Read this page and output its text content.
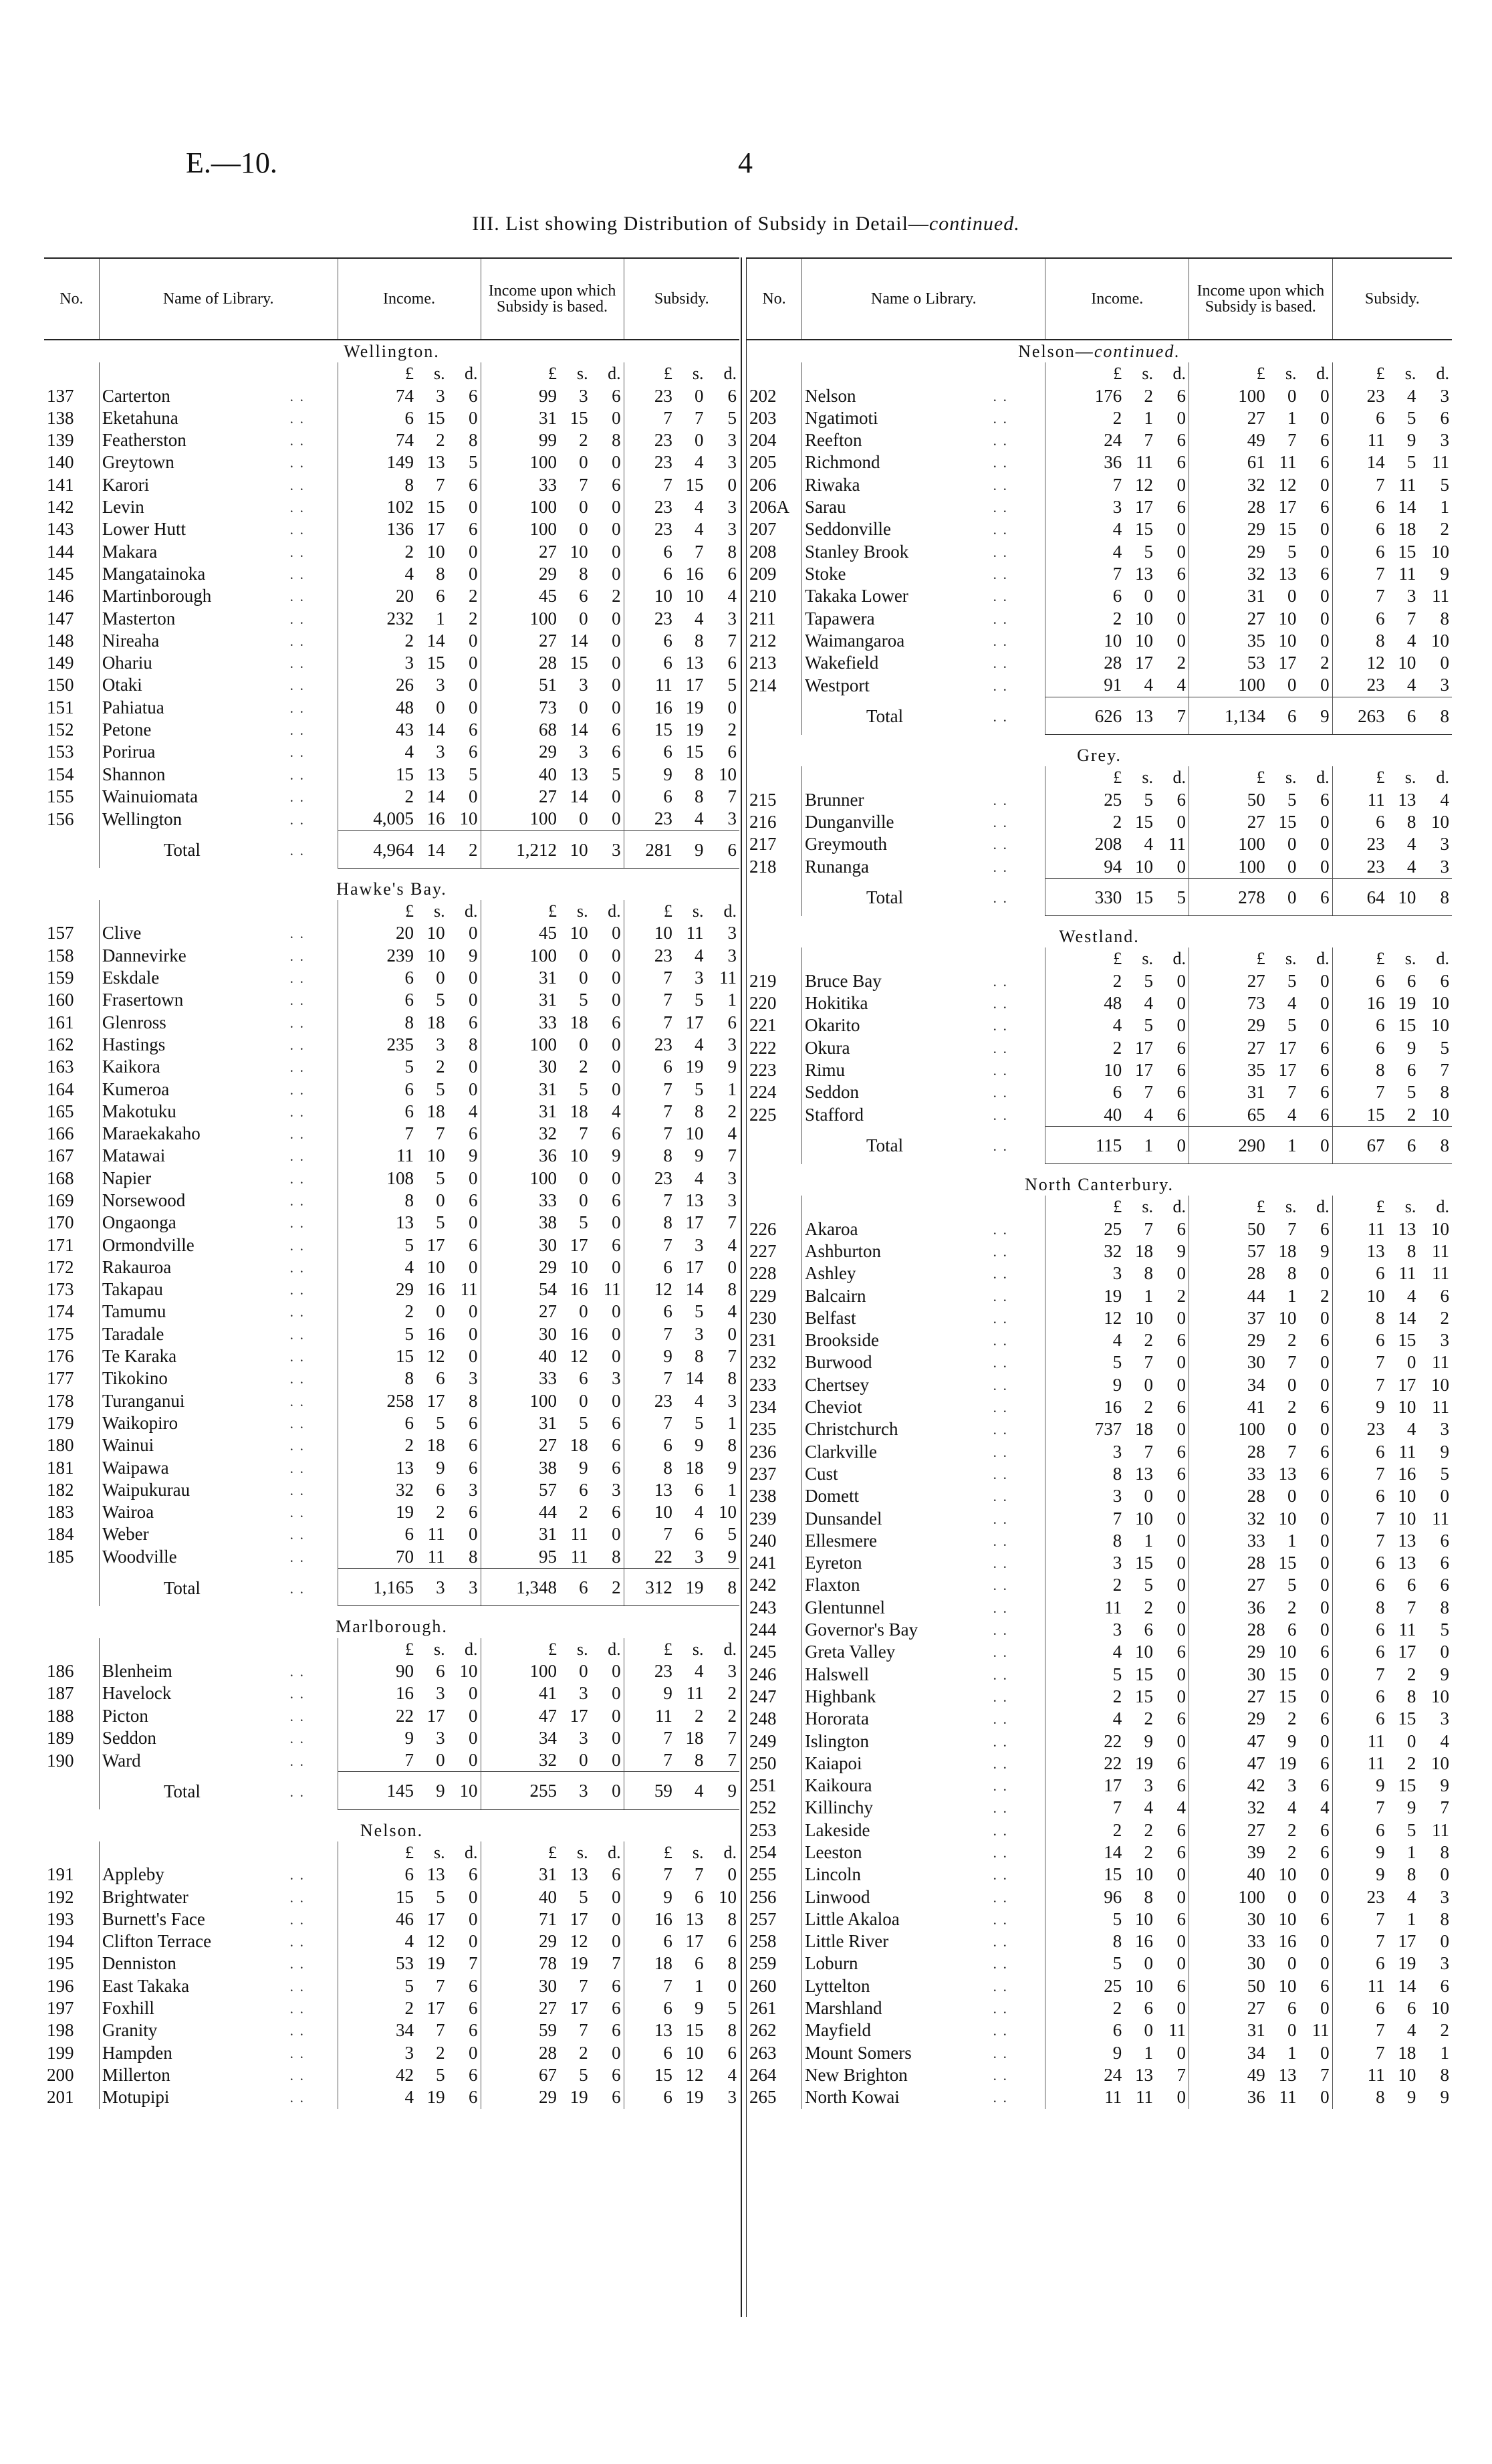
E.—10.	4
III. List showing Distribution of Subsidy in Detail—continued.
No.	Name of Library.		Income.			Income upon which Subsidy is based.			Subsidy.		
Wellington.											
			£	s.	d.	£	s.	d.	£	s.	d.
137	Carterton	. .	74	3	6	99	3	6	23	0	6
138	Eketahuna	. .	6	15	0	31	15	0	7	7	5
139	Featherston	. .	74	2	8	99	2	8	23	0	3
140	Greytown	. .	149	13	5	100	0	0	23	4	3
141	Karori	. .	8	7	6	33	7	6	7	15	0
142	Levin	. .	102	15	0	100	0	0	23	4	3
143	Lower Hutt	. .	136	17	6	100	0	0	23	4	3
144	Makara	. .	2	10	0	27	10	0	6	7	8
145	Mangatainoka	. .	4	8	0	29	8	0	6	16	6
146	Martinborough	. .	20	6	2	45	6	2	10	10	4
147	Masterton	. .	232	1	2	100	0	0	23	4	3
148	Nireaha	. .	2	14	0	27	14	0	6	8	7
149	Ohariu	. .	3	15	0	28	15	0	6	13	6
150	Otaki	. .	26	3	0	51	3	0	11	17	5
151	Pahiatua	. .	48	0	0	73	0	0	16	19	0
152	Petone	. .	43	14	6	68	14	6	15	19	2
153	Porirua	. .	4	3	6	29	3	6	6	15	6
154	Shannon	. .	15	13	5	40	13	5	9	8	10
155	Wainuiomata	. .	2	14	0	27	14	0	6	8	7
156	Wellington	. .	4,005	16	10	100	0	0	23	4	3
	Total	. .	4,964	14	2	1,212	10	3	281	9	6

Hawke's Bay.											
			£	s.	d.	£	s.	d.	£	s.	d.
157	Clive	. .	20	10	0	45	10	0	10	11	3
158	Dannevirke	. .	239	10	9	100	0	0	23	4	3
159	Eskdale	. .	6	0	0	31	0	0	7	3	11
160	Frasertown	. .	6	5	0	31	5	0	7	5	1
161	Glenross	. .	8	18	6	33	18	6	7	17	6
162	Hastings	. .	235	3	8	100	0	0	23	4	3
163	Kaikora	. .	5	2	0	30	2	0	6	19	9
164	Kumeroa	. .	6	5	0	31	5	0	7	5	1
165	Makotuku	. .	6	18	4	31	18	4	7	8	2
166	Maraekakaho	. .	7	7	6	32	7	6	7	10	4
167	Matawai	. .	11	10	9	36	10	9	8	9	7
168	Napier	. .	108	5	0	100	0	0	23	4	3
169	Norsewood	. .	8	0	6	33	0	6	7	13	3
170	Ongaonga	. .	13	5	0	38	5	0	8	17	7
171	Ormondville	. .	5	17	6	30	17	6	7	3	4
172	Rakauroa	. .	4	10	0	29	10	0	6	17	0
173	Takapau	. .	29	16	11	54	16	11	12	14	8
174	Tamumu	. .	2	0	0	27	0	0	6	5	4
175	Taradale	. .	5	16	0	30	16	0	7	3	0
176	Te Karaka	. .	15	12	0	40	12	0	9	8	7
177	Tikokino	. .	8	6	3	33	6	3	7	14	8
178	Turanganui	. .	258	17	8	100	0	0	23	4	3
179	Waikopiro	. .	6	5	6	31	5	6	7	5	1
180	Wainui	. .	2	18	6	27	18	6	6	9	8
181	Waipawa	. .	13	9	6	38	9	6	8	18	9
182	Waipukurau	. .	32	6	3	57	6	3	13	6	1
183	Wairoa	. .	19	2	6	44	2	6	10	4	10
184	Weber	. .	6	11	0	31	11	0	7	6	5
185	Woodville	. .	70	11	8	95	11	8	22	3	9
	Total	. .	1,165	3	3	1,348	6	2	312	19	8

Marlborough.											
			£	s.	d.	£	s.	d.	£	s.	d.
186	Blenheim	. .	90	6	10	100	0	0	23	4	3
187	Havelock	. .	16	3	0	41	3	0	9	11	2
188	Picton	. .	22	17	0	47	17	0	11	2	2
189	Seddon	. .	9	3	0	34	3	0	7	18	7
190	Ward	. .	7	0	0	32	0	0	7	8	7
	Total	. .	145	9	10	255	3	0	59	4	9

Nelson.											
			£	s.	d.	£	s.	d.	£	s.	d.
191	Appleby	. .	6	13	6	31	13	6	7	7	0
192	Brightwater	. .	15	5	0	40	5	0	9	6	10
193	Burnett's Face	. .	46	17	0	71	17	0	16	13	8
194	Clifton Terrace	. .	4	12	0	29	12	0	6	17	6
195	Denniston	. .	53	19	7	78	19	7	18	6	8
196	East Takaka	. .	5	7	6	30	7	6	7	1	0
197	Foxhill	. .	2	17	6	27	17	6	6	9	5
198	Granity	. .	34	7	6	59	7	6	13	15	8
199	Hampden	. .	3	2	0	28	2	0	6	10	6
200	Millerton	. .	42	5	6	67	5	6	15	12	4
201	Motupipi	. .	4	19	6	29	19	6	6	19	3

No.	Name o Library.		Income.			Income upon which Subsidy is based.			Subsidy.		
Nelson—continued.											
			£	s.	d.	£	s.	d.	£	s.	d.
202	Nelson	. .	176	2	6	100	0	0	23	4	3
203	Ngatimoti	. .	2	1	0	27	1	0	6	5	6
204	Reefton	. .	24	7	6	49	7	6	11	9	3
205	Richmond	. .	36	11	6	61	11	6	14	5	11
206	Riwaka	. .	7	12	0	32	12	0	7	11	5
206A	Sarau	. .	3	17	6	28	17	6	6	14	1
207	Seddonville	. .	4	15	0	29	15	0	6	18	2
208	Stanley Brook	. .	4	5	0	29	5	0	6	15	10
209	Stoke	. .	7	13	6	32	13	6	7	11	9
210	Takaka Lower	. .	6	0	0	31	0	0	7	3	11
211	Tapawera	. .	2	10	0	27	10	0	6	7	8
212	Waimangaroa	. .	10	10	0	35	10	0	8	4	10
213	Wakefield	. .	28	17	2	53	17	2	12	10	0
214	Westport	. .	91	4	4	100	0	0	23	4	3
	Total	. .	626	13	7	1,134	6	9	263	6	8

Grey.											
			£	s.	d.	£	s.	d.	£	s.	d.
215	Brunner	. .	25	5	6	50	5	6	11	13	4
216	Dunganville	. .	2	15	0	27	15	0	6	8	10
217	Greymouth	. .	208	4	11	100	0	0	23	4	3
218	Runanga	. .	94	10	0	100	0	0	23	4	3
	Total	. .	330	15	5	278	0	6	64	10	8

Westland.											
			£	s.	d.	£	s.	d.	£	s.	d.
219	Bruce Bay	. .	2	5	0	27	5	0	6	6	6
220	Hokitika	. .	48	4	0	73	4	0	16	19	10
221	Okarito	. .	4	5	0	29	5	0	6	15	10
222	Okura	. .	2	17	6	27	17	6	6	9	5
223	Rimu	. .	10	17	6	35	17	6	8	6	7
224	Seddon	. .	6	7	6	31	7	6	7	5	8
225	Stafford	. .	40	4	6	65	4	6	15	2	10
	Total	. .	115	1	0	290	1	0	67	6	8

North Canterbury.											
			£	s.	d.	£	s.	d.	£	s.	d.
226	Akaroa	. .	25	7	6	50	7	6	11	13	10
227	Ashburton	. .	32	18	9	57	18	9	13	8	11
228	Ashley	. .	3	8	0	28	8	0	6	11	11
229	Balcairn	. .	19	1	2	44	1	2	10	4	6
230	Belfast	. .	12	10	0	37	10	0	8	14	2
231	Brookside	. .	4	2	6	29	2	6	6	15	3
232	Burwood	. .	5	7	0	30	7	0	7	0	11
233	Chertsey	. .	9	0	0	34	0	0	7	17	10
234	Cheviot	. .	16	2	6	41	2	6	9	10	11
235	Christchurch	. .	737	18	0	100	0	0	23	4	3
236	Clarkville	. .	3	7	6	28	7	6	6	11	9
237	Cust	. .	8	13	6	33	13	6	7	16	5
238	Domett	. .	3	0	0	28	0	0	6	10	0
239	Dunsandel	. .	7	10	0	32	10	0	7	10	11
240	Ellesmere	. .	8	1	0	33	1	0	7	13	6
241	Eyreton	. .	3	15	0	28	15	0	6	13	6
242	Flaxton	. .	2	5	0	27	5	0	6	6	6
243	Glentunnel	. .	11	2	0	36	2	0	8	7	8
244	Governor's Bay	. .	3	6	0	28	6	0	6	11	5
245	Greta Valley	. .	4	10	6	29	10	6	6	17	0
246	Halswell	. .	5	15	0	30	15	0	7	2	9
247	Highbank	. .	2	15	0	27	15	0	6	8	10
248	Hororata	. .	4	2	6	29	2	6	6	15	3
249	Islington	. .	22	9	0	47	9	0	11	0	4
250	Kaiapoi	. .	22	19	6	47	19	6	11	2	10
251	Kaikoura	. .	17	3	6	42	3	6	9	15	9
252	Killinchy	. .	7	4	4	32	4	4	7	9	7
253	Lakeside	. .	2	2	6	27	2	6	6	5	11
254	Leeston	. .	14	2	6	39	2	6	9	1	8
255	Lincoln	. .	15	10	0	40	10	0	9	8	0
256	Linwood	. .	96	8	0	100	0	0	23	4	3
257	Little Akaloa	. .	5	10	6	30	10	6	7	1	8
258	Little River	. .	8	16	0	33	16	0	7	17	0
259	Loburn	. .	5	0	0	30	0	0	6	19	3
260	Lyttelton	. .	25	10	6	50	10	6	11	14	6
261	Marshland	. .	2	6	0	27	6	0	6	6	10
262	Mayfield	. .	6	0	11	31	0	11	7	4	2
263	Mount Somers	. .	9	1	0	34	1	0	7	18	1
264	New Brighton	. .	24	13	7	49	13	7	11	10	8
265	North Kowai	. .	11	11	0	36	11	0	8	9	9
